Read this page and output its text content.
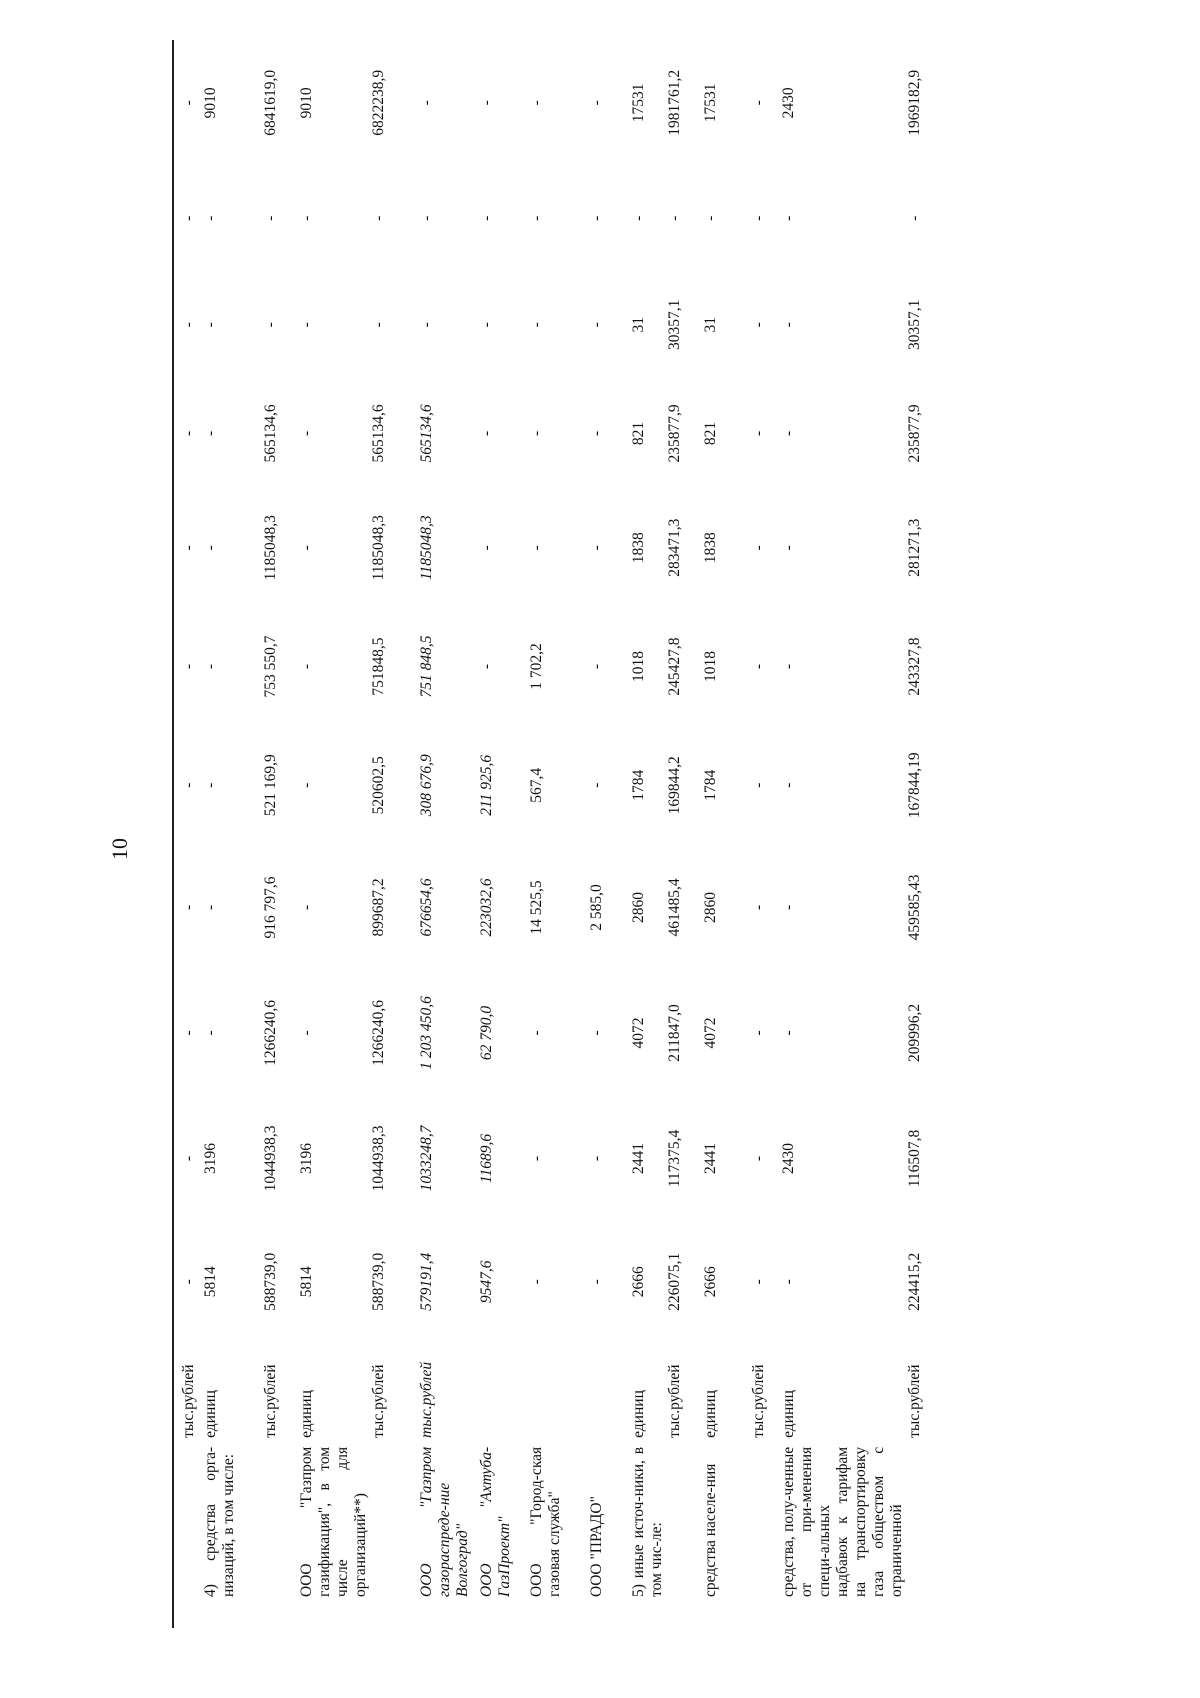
10
	тыс.рублей	-	-	-	-	-	-	-	-	-	-	-
4) средства орга-низаций, в том числе:	единиц	5814	3196	-	-	-	-	-	-	-	-	9010
	тыс.рублей	588739,0	1044938,3	1266240,6	916 797,6	521 169,9	753 550,7	1185048,3	565134,6	-	-	6841619,0
ООО "Газпром газификация", в том числе для организаций**)	единиц	5814	3196	-	-	-	-	-	-	-	-	9010
	тыс.рублей	588739,0	1044938,3	1266240,6	899687,2	520602,5	751848,5	1185048,3	565134,6	-	-	6822238,9
ООО "Газпром газораспреде-ние Волгоград"	тыс.рублей	579191,4	1033248,7	1 203 450,6	676654,6	308 676,9	751 848,5	1185048,3	565134,6	-	-	-
ООО "Ахтуба-ГазПроект"		9547,6	11689,6	62 790,0	223032,6	211 925,6	-	-	-	-	-	-
ООО "Город-ская газовая служба"		-	-	-	14 525,5	567,4	1 702,2	-	-	-	-	-
ООО "ПРАДО"		-	-	-	2 585,0	-	-	-	-	-	-	-
5) иные источ-ники, в том чис-ле:	единиц	2666	2441	4072	2860	1784	1018	1838	821	31	-	17531
	тыс.рублей	226075,1	117375,4	211847,0	461485,4	169844,2	245427,8	283471,3	235877,9	30357,1	-	1981761,2
средства населе-ния	единиц	2666	2441	4072	2860	1784	1018	1838	821	31	-	17531
	тыс.рублей	-	-	-	-	-	-	-	-	-	-	-
средства, полу-ченные от при-менения специ-альных надбавок к тарифам на транспортировку газа обществом с ограниченной	единиц	-	2430	-	-	-	-	-	-	-	-	2430
	тыс.рублей	224415,2	116507,8	209996,2	459585,43	167844,19	243327,8	281271,3	235877,9	30357,1	-	1969182,9
